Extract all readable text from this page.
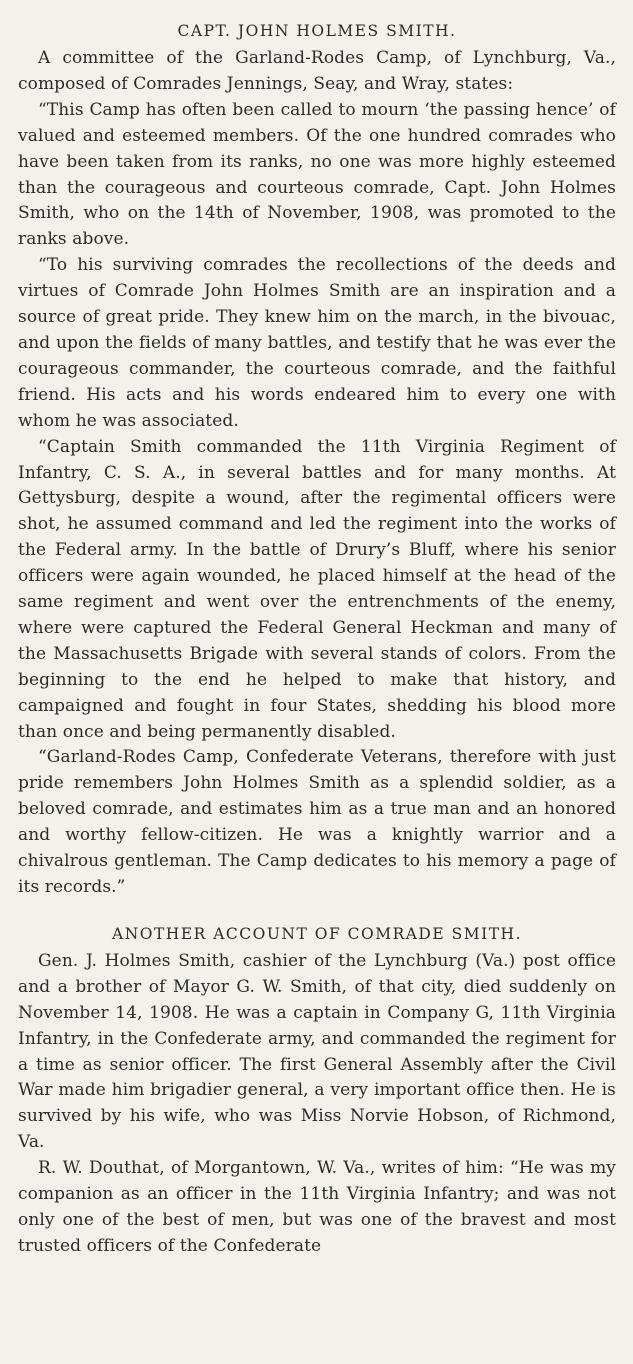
CAPT. JOHN HOLMES SMITH.

A committee of the Garland-Rodes Camp, of Lynchburg, Va., composed of Comrades Jennings, Seay, and Wray, states:

“This Camp has often been called to mourn ‘the passing hence’ of valued and esteemed members. Of the one hundred comrades who have been taken from its ranks, no one was more highly esteemed than the courageous and courteous comrade, Capt. John Holmes Smith, who on the 14th of November, 1908, was promoted to the ranks above.

“To his surviving comrades the recollections of the deeds and virtues of Comrade John Holmes Smith are an inspiration and a source of great pride. They knew him on the march, in the bivouac, and upon the fields of many battles, and testify that he was ever the courageous commander, the courteous comrade, and the faithful friend. His acts and his words endeared him to every one with whom he was associated.

“Captain Smith commanded the 11th Virginia Regiment of Infantry, C. S. A., in several battles and for many months. At Gettysburg, despite a wound, after the regimental officers were shot, he assumed command and led the regiment into the works of the Federal army. In the battle of Drury’s Bluff, where his senior officers were again wounded, he placed himself at the head of the same regiment and went over the entrenchments of the enemy, where were captured the Federal General Heckman and many of the Massachusetts Brigade with several stands of colors. From the beginning to the end he helped to make that history, and campaigned and fought in four States, shedding his blood more than once and being permanently disabled.

“Garland-Rodes Camp, Confederate Veterans, therefore with just pride remembers John Holmes Smith as a splendid soldier, as a beloved comrade, and estimates him as a true man and an honored and worthy fellow-citizen. He was a knightly warrior and a chivalrous gentleman. The Camp dedicates to his memory a page of its records.”

ANOTHER ACCOUNT OF COMRADE SMITH.

Gen. J. Holmes Smith, cashier of the Lynchburg (Va.) post office and a brother of Mayor G. W. Smith, of that city, died suddenly on November 14, 1908. He was a captain in Company G, 11th Virginia Infantry, in the Confederate army, and commanded the regiment for a time as senior officer. The first General Assembly after the Civil War made him brigadier general, a very important office then. He is survived by his wife, who was Miss Norvie Hobson, of Richmond, Va.

R. W. Douthat, of Morgantown, W. Va., writes of him: “He was my companion as an officer in the 11th Virginia Infantry; and was not only one of the best of men, but was one of the bravest and most trusted officers of the Confederate
